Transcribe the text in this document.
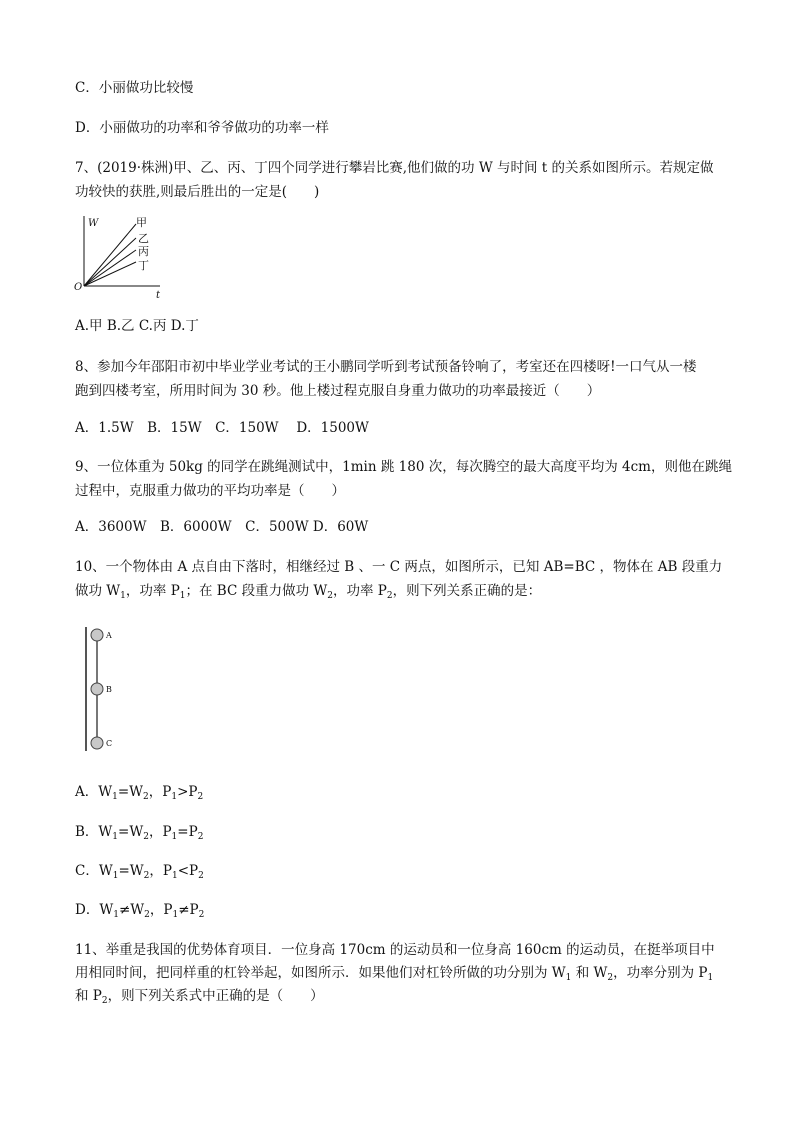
C．小丽做功比较慢
D．小丽做功的功率和爷爷做功的功率一样
7、(2019·株洲)甲、乙、丙、丁四个同学进行攀岩比赛,他们做的功 W 与时间 t 的关系如图所示。若规定做
功较快的获胜,则最后胜出的一定是(　　)
W
t
O
甲
乙
丙
丁
A.甲 B.乙 C.丙 D.丁
8、参加今年邵阳市初中毕业学业考试的王小鹏同学听到考试预备铃响了，考室还在四楼呀!一口气从一楼
跑到四楼考室，所用时间为 30 秒。他上楼过程克服自身重力做功的功率最接近（　　）
A．1.5W　B．15W　C．150W　 D．1500W
9、一位体重为 50kg 的同学在跳绳测试中，1min 跳 180 次，每次腾空的最大高度平均为 4cm，则他在跳绳
过程中，克服重力做功的平均功率是（　　）
A．3600W　B．6000W　C．500W D．60W
10、一个物体由 A 点自由下落时，相继经过 B 、一 C 两点，如图所示，已知 AB=BC ，物体在 AB 段重力
做功 $W_1$，功率 $P_1$；在 BC 段重力做功 $W_2$，功率 $P_2$，则下列关系正确的是：
A
B
C
A．$W_1=W_2$，$P_1>P_2$
B．$W_1=W_2$，$P_1=P_2$
C．$W_1=W_2$，$P_1<P_2$
D．$W_1\ne W_2$，$P_1\ne P_2$
11、举重是我国的优势体育项目．一位身高 170cm 的运动员和一位身高 160cm 的运动员，在挺举项目中
用相同时间，把同样重的杠铃举起，如图所示．如果他们对杠铃所做的功分别为 $W_1$ 和 $W_2$，功率分别为 $P_1$
和 $P_2$，则下列关系式中正确的是（　　）
